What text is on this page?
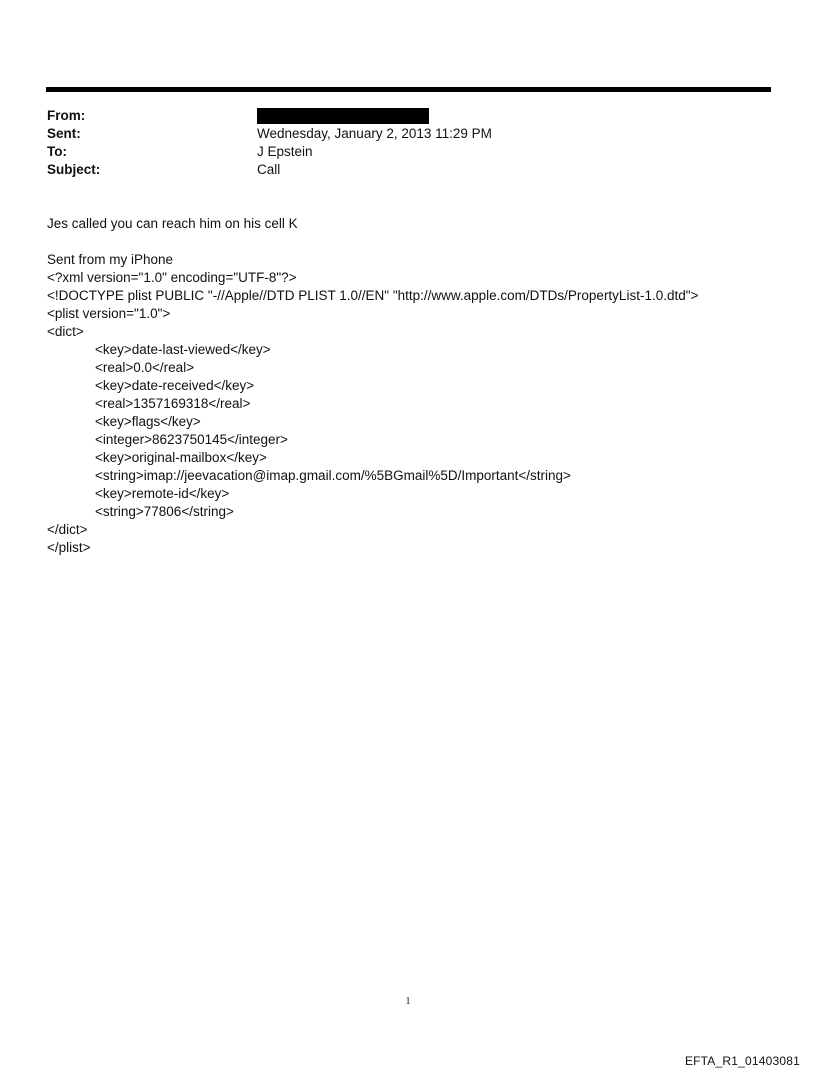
From:
Sent:	Wednesday, January 2, 2013 11:29 PM
To:	J Epstein
Subject:	Call
Jes called you can reach him on his cell K
Sent from my iPhone
<?xml version="1.0" encoding="UTF-8"?>
<!DOCTYPE plist PUBLIC "-//Apple//DTD PLIST 1.0//EN" "http://www.apple.com/DTDs/PropertyList-1.0.dtd">
<plist version="1.0">
<dict>
<key>date-last-viewed</key>
<real>0.0</real>
<key>date-received</key>
<real>1357169318</real>
<key>flags</key>
<integer>8623750145</integer>
<key>original-mailbox</key>
<string>imap://jeevacation@imap.gmail.com/%5BGmail%5D/Important</string>
<key>remote-id</key>
<string>77806</string>
</dict>
</plist>
1
EFTA_R1_01403081
